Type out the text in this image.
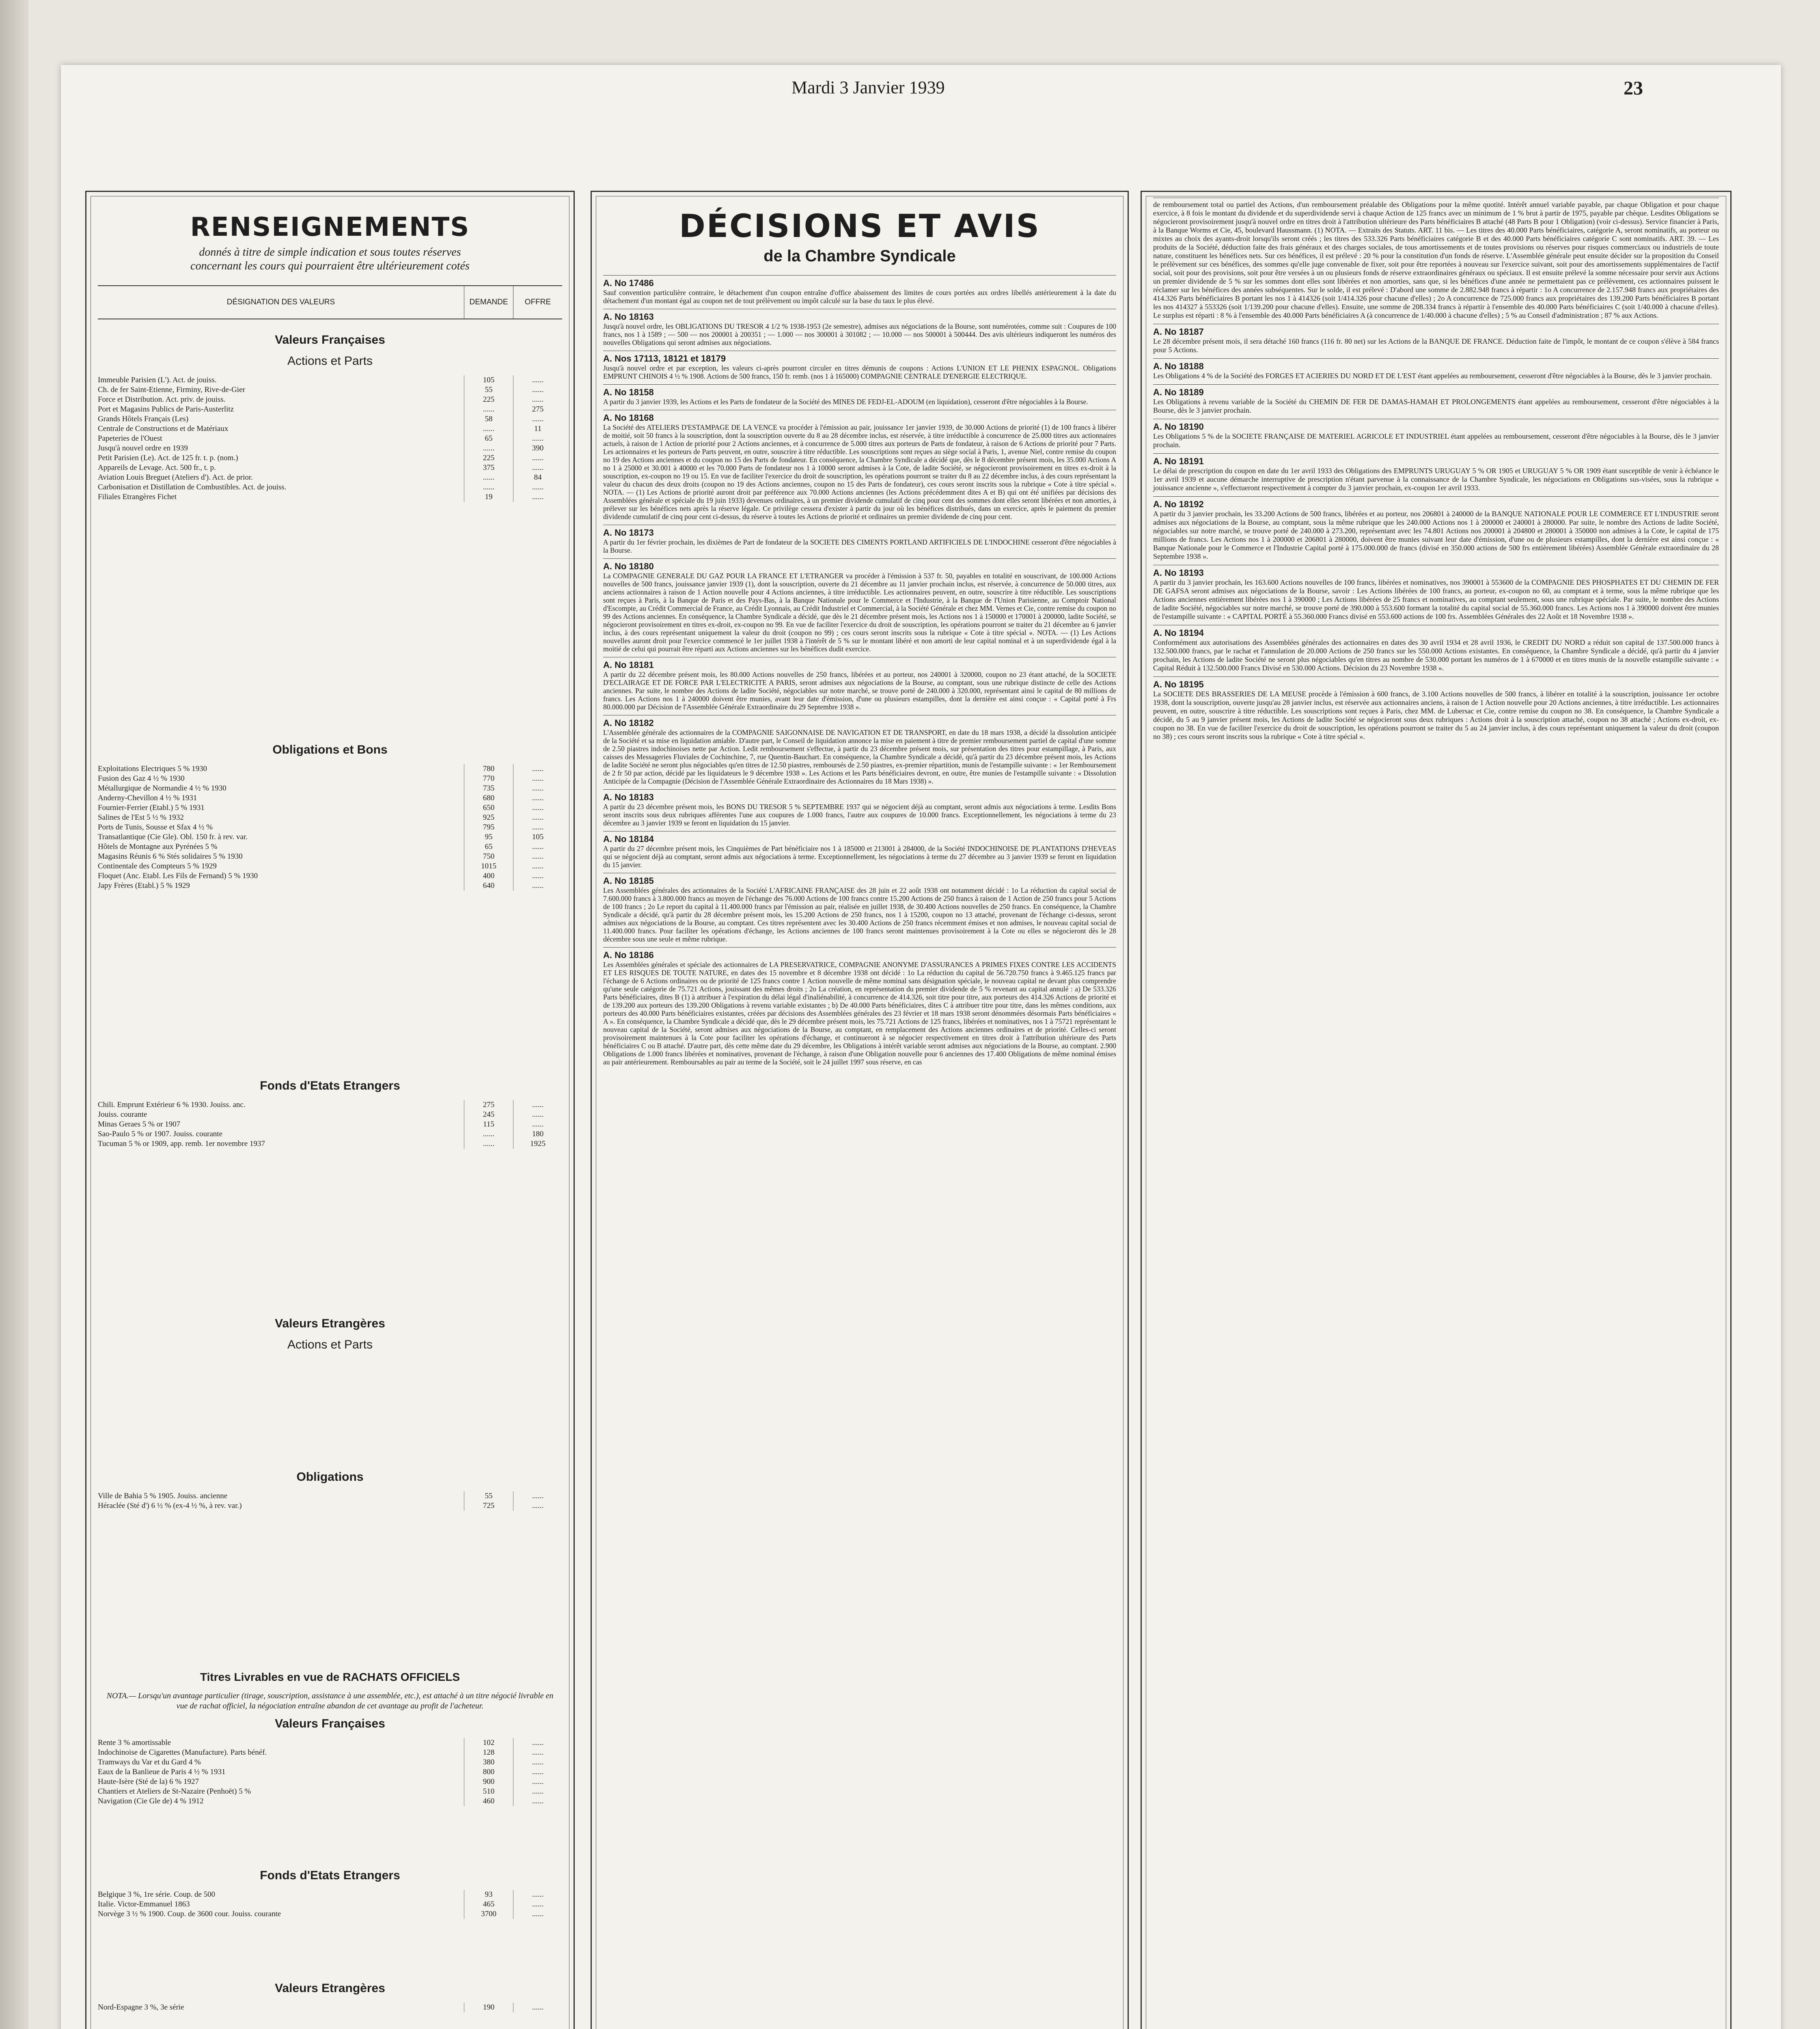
Mardi 3 Janvier 1939	23
RENSEIGNEMENTS
donnés à titre de simple indication et sous toutes réserves
concernant les cours qui pourraient être ultérieurement cotés
DÉSIGNATION DES VALEURS	DEMANDE	OFFRE
Valeurs Françaises
Actions et Parts
Immeuble Parisien (L'). Act. de jouiss.	105	......
Ch. de fer Saint-Etienne, Firminy, Rive-de-Gier	55	......
Force et Distribution. Act. priv. de jouiss.	225	......
Port et Magasins Publics de Paris-Austerlitz	......	275
Grands Hôtels Français (Les)	58	......
Centrale de Constructions et de Matériaux	......	11
Papeteries de l'Ouest	65	......
Jusqu'à nouvel ordre en 1939	......	390
Petit Parisien (Le). Act. de 125 fr. t. p. (nom.)	225	......
Appareils de Levage. Act. 500 fr., t. p.	375	......
Aviation Louis Breguet (Ateliers d'). Act. de prior.	......	84
Carbonisation et Distillation de Combustibles. Act. de jouiss.	......	......
Filiales Etrangères Fichet	19	......
Obligations et Bons
Exploitations Electriques 5 % 1930	780	......
Fusion des Gaz 4 ½ % 1930	770	......
Métallurgique de Normandie 4 ½ % 1930	735	......
Anderny-Chevillon 4 ½ % 1931	680	......
Fournier-Ferrier (Etabl.) 5 % 1931	650	......
Salines de l'Est 5 ½ % 1932	925	......
Ports de Tunis, Sousse et Sfax 4 ½ %	795	......
Transatlantique (Cie Gle). Obl. 150 fr. à rev. var.	95	105
Hôtels de Montagne aux Pyrénées 5 %	65	......
Magasins Réunis 6 % Stés solidaires 5 % 1930	750	......
Continentale des Compteurs 5 % 1929	1015	......
Floquet (Anc. Etabl. Les Fils de Fernand) 5 % 1930	400	......
Japy Frères (Etabl.) 5 % 1929	640	......
Fonds d'Etats Etrangers
Chili. Emprunt Extérieur 6 % 1930. Jouiss. anc.	275	......
Jouiss. courante	245	......
Minas Geraes 5 % or 1907	115	......
Sao-Paulo 5 % or 1907. Jouiss. courante	......	180
Tucuman 5 % or 1909, app. remb. 1er novembre 1937	......	1925
Valeurs Etrangères
Actions et Parts
Obligations
Ville de Bahia 5 % 1905. Jouiss. ancienne	55	......
Héraclée (Sté d') 6 ½ % (ex-4 ½ %, à rev. var.)	725	......
Titres Livrables en vue de RACHATS OFFICIELS
NOTA.— Lorsqu'un avantage particulier (tirage, souscription, assistance à une assemblée, etc.), est attaché à un titre négocié livrable en vue de rachat officiel, la négociation entraîne abandon de cet avantage au profit de l'acheteur.
Valeurs Françaises
Rente 3 % amortissable	102	......
Indochinoise de Cigarettes (Manufacture). Parts bénéf.	128	......
Tramways du Var et du Gard 4 %	380	......
Eaux de la Banlieue de Paris 4 ½ % 1931	800	......
Haute-Isère (Sté de la) 6 % 1927	900	......
Chantiers et Ateliers de St-Nazaire (Penhoët) 5 %	510	......
Navigation (Cie Gle de) 4 % 1912	460	......
Fonds d'Etats Etrangers
Belgique 3 %, 1re série. Coup. de 500	93	......
Italie. Victor-Emmanuel 1863	465	......
Norvège 3 ½ % 1900. Coup. de 3600 cour. Jouiss. courante	3700	......
Valeurs Etrangères
Nord-Espagne 3 %, 3e série	190	......
DÉCISIONS ET AVIS
de la Chambre Syndicale
A. No 17486
Sauf convention particulière contraire, le détachement d'un coupon entraîne d'office abaissement des limites de cours portées aux ordres libellés antérieurement à la date du détachement d'un montant égal au coupon net de tout prélèvement ou impôt calculé sur la base du taux le plus élevé.
A. No 18163
Jusqu'à nouvel ordre, les OBLIGATIONS DU TRESOR 4 1/2 % 1938-1953 (2e semestre), admises aux négociations de la Bourse, sont numérotées, comme suit : Coupures de 100 francs, nos 1 à 1589 ; — 500 — nos 200001 à 200351 ; — 1.000 — nos 300001 à 301082 ; — 10.000 — nos 500001 à 500444. Des avis ultérieurs indiqueront les numéros des nouvelles Obligations qui seront admises aux négociations.
A. Nos 17113, 18121 et 18179
Jusqu'à nouvel ordre et par exception, les valeurs ci-après pourront circuler en titres démunis de coupons : Actions L'UNION ET LE PHENIX ESPAGNOL. Obligations EMPRUNT CHINOIS 4 ½ % 1908. Actions de 500 francs, 150 fr. remb. (nos 1 à 165000) COMPAGNIE CENTRALE D'ENERGIE ELECTRIQUE.
A. No 18158
A partir du 3 janvier 1939, les Actions et les Parts de fondateur de la Société des MINES DE FEDJ-EL-ADOUM (en liquidation), cesseront d'être négociables à la Bourse.
A. No 18168
La Société des ATELIERS D'ESTAMPAGE DE LA VENCE va procéder à l'émission au pair, jouissance 1er janvier 1939, de 30.000 Actions de priorité (1) de 100 francs à libérer de moitié, soit 50 francs à la souscription, dont la souscription ouverte du 8 au 28 décembre inclus, est réservée, à titre irréductible à concurrence de 25.000 titres aux actionnaires actuels, à raison de 1 Action de priorité pour 2 Actions anciennes, et à concurrence de 5.000 titres aux porteurs de Parts de fondateur, à raison de 6 Actions de priorité pour 7 Parts. Les actionnaires et les porteurs de Parts peuvent, en outre, souscrire à titre réductible. Les souscriptions sont reçues au siège social à Paris, 1, avenue Niel, contre remise du coupon no 19 des Actions anciennes et du coupon no 15 des Parts de fondateur. En conséquence, la Chambre Syndicale a décidé que, dès le 8 décembre présent mois, les 35.000 Actions A no 1 à 25000 et 30.001 à 40000 et les 70.000 Parts de fondateur nos 1 à 10000 seront admises à la Cote, de ladite Société, se négocieront provisoirement en titres ex-droit à la souscription, ex-coupon no 19 ou 15. En vue de faciliter l'exercice du droit de souscription, les opérations pourront se traiter du 8 au 22 décembre inclus, à des cours représentant la valeur du chacun des deux droits (coupon no 19 des Actions anciennes, coupon no 15 des Parts de fondateur), ces cours seront inscrits sous la rubrique « Cote à titre spécial ». NOTA. — (1) Les Actions de priorité auront droit par préférence aux 70.000 Actions anciennes (les Actions précédemment dites A et B) qui ont été unifiées par décisions des Assemblées générale et spéciale du 19 juin 1933) devenues ordinaires, à un premier dividende cumulatif de cinq pour cent des sommes dont elles seront libérées et non amorties, à prélever sur les bénéfices nets après la réserve légale. Ce privilège cessera d'exister à partir du jour où les bénéfices distribués, dans un exercice, après le paiement du premier dividende cumulatif de cinq pour cent ci-dessus, du réserve à toutes les Actions de priorité et ordinaires un premier dividende de cinq pour cent.
A. No 18173
A partir du 1er février prochain, les dixièmes de Part de fondateur de la SOCIETE DES CIMENTS PORTLAND ARTIFICIELS DE L'INDOCHINE cesseront d'être négociables à la Bourse.
A. No 18180
La COMPAGNIE GENERALE DU GAZ POUR LA FRANCE ET L'ETRANGER va procéder à l'émission à 537 fr. 50, payables en totalité en souscrivant, de 100.000 Actions nouvelles de 500 francs, jouissance janvier 1939 (1), dont la souscription, ouverte du 21 décembre au 11 janvier prochain inclus, est réservée, à concurrence de 50.000 titres, aux anciens actionnaires à raison de 1 Action nouvelle pour 4 Actions anciennes, à titre irréductible. Les actionnaires peuvent, en outre, souscrire à titre réductible. Les souscriptions sont reçues à Paris, à la Banque de Paris et des Pays-Bas, à la Banque Nationale pour le Commerce et l'Industrie, à la Banque de l'Union Parisienne, au Comptoir National d'Escompte, au Crédit Commercial de France, au Crédit Lyonnais, au Crédit Industriel et Commercial, à la Société Générale et chez MM. Vernes et Cie, contre remise du coupon no 99 des Actions anciennes. En conséquence, la Chambre Syndicale a décidé, que dès le 21 décembre présent mois, les Actions nos 1 à 150000 et 170001 à 200000, ladite Société, se négocieront provisoirement en titres ex-droit, ex-coupon no 99. En vue de faciliter l'exercice du droit de souscription, les opérations pourront se traiter du 21 décembre au 6 janvier inclus, à des cours représentant uniquement la valeur du droit (coupon no 99) ; ces cours seront inscrits sous la rubrique « Cote à titre spécial ». NOTA. — (1) Les Actions nouvelles auront droit pour l'exercice commencé le 1er juillet 1938 à l'intérêt de 5 % sur le montant libéré et non amorti de leur capital nominal et à un superdividende égal à la moitié de celui qui pourrait être réparti aux Actions anciennes sur les bénéfices dudit exercice.
A. No 18181
A partir du 22 décembre présent mois, les 80.000 Actions nouvelles de 250 francs, libérées et au porteur, nos 240001 à 320000, coupon no 23 étant attaché, de la SOCIETE D'ECLAIRAGE ET DE FORCE PAR L'ELECTRICITE A PARIS, seront admises aux négociations de la Bourse, au comptant, sous une rubrique distincte de celle des Actions anciennes. Par suite, le nombre des Actions de ladite Société, négociables sur notre marché, se trouve porté de 240.000 à 320.000, représentant ainsi le capital de 80 millions de francs. Les Actions nos 1 à 240000 doivent être munies, avant leur date d'émission, d'une ou plusieurs estampilles, dont la dernière est ainsi conçue : « Capital porté à Frs 80.000.000 par Décision de l'Assemblée Générale Extraordinaire du 29 Septembre 1938 ».
A. No 18182
L'Assemblée générale des actionnaires de la COMPAGNIE SAIGONNAISE DE NAVIGATION ET DE TRANSPORT, en date du 18 mars 1938, a décidé la dissolution anticipée de la Société et sa mise en liquidation amiable. D'autre part, le Conseil de liquidation annonce la mise en paiement à titre de premier remboursement partiel de capital d'une somme de 2.50 piastres indochinoises nette par Action. Ledit remboursement s'effectue, à partir du 23 décembre présent mois, sur présentation des titres pour estampillage, à Paris, aux caisses des Messageries Fluviales de Cochinchine, 7, rue Quentin-Bauchart. En conséquence, la Chambre Syndicale a décidé, qu'à partir du 23 décembre présent mois, les Actions de ladite Société ne seront plus négociables qu'en titres de 12.50 piastres, remboursés de 2.50 piastres, ex-premier répartition, munis de l'estampille suivante : « 1er Remboursement de 2 fr 50 par action, décidé par les liquidateurs le 9 décembre 1938 ». Les Actions et les Parts bénéficiaires devront, en outre, être munies de l'estampille suivante : « Dissolution Anticipée de la Compagnie (Décision de l'Assemblée Générale Extraordinaire des Actionnaires du 18 Mars 1938) ».
A. No 18183
A partir du 23 décembre présent mois, les BONS DU TRESOR 5 % SEPTEMBRE 1937 qui se négocient déjà au comptant, seront admis aux négociations à terme. Lesdits Bons seront inscrits sous deux rubriques afférentes l'une aux coupures de 1.000 francs, l'autre aux coupures de 10.000 francs. Exceptionnellement, les négociations à terme du 23 décembre au 3 janvier 1939 se feront en liquidation du 15 janvier.
A. No 18184
A partir du 27 décembre présent mois, les Cinquièmes de Part bénéficiaire nos 1 à 185000 et 213001 à 284000, de la Société INDOCHINOISE DE PLANTATIONS D'HEVEAS qui se négocient déjà au comptant, seront admis aux négociations à terme. Exceptionnellement, les négociations à terme du 27 décembre au 3 janvier 1939 se feront en liquidation du 15 janvier.
A. No 18185
Les Assemblées générales des actionnaires de la Société L'AFRICAINE FRANÇAISE des 28 juin et 22 août 1938 ont notamment décidé : 1o La réduction du capital social de 7.600.000 francs à 3.800.000 francs au moyen de l'échange des 76.000 Actions de 100 francs contre 15.200 Actions de 250 francs à raison de 1 Action de 250 francs pour 5 Actions de 100 francs ; 2o Le report du capital à 11.400.000 francs par l'émission au pair, réalisée en juillet 1938, de 30.400 Actions nouvelles de 250 francs. En conséquence, la Chambre Syndicale a décidé, qu'à partir du 28 décembre présent mois, les 15.200 Actions de 250 francs, nos 1 à 15200, coupon no 13 attaché, provenant de l'échange ci-dessus, seront admises aux négociations de la Bourse, au comptant. Ces titres représentent avec les 30.400 Actions de 250 francs récemment émises et non admises, le nouveau capital social de 11.400.000 francs. Pour faciliter les opérations d'échange, les Actions anciennes de 100 francs seront maintenues provisoirement à la Cote ou elles se négocieront dès le 28 décembre sous une seule et même rubrique.
A. No 18186
Les Assemblées générales et spéciale des actionnaires de LA PRESERVATRICE, COMPAGNIE ANONYME D'ASSURANCES A PRIMES FIXES CONTRE LES ACCIDENTS ET LES RISQUES DE TOUTE NATURE, en dates des 15 novembre et 8 décembre 1938 ont décidé : 1o La réduction du capital de 56.720.750 francs à 9.465.125 francs par l'échange de 6 Actions ordinaires ou de priorité de 125 francs contre 1 Action nouvelle de même nominal sans désignation spéciale, le nouveau capital ne devant plus comprendre qu'une seule catégorie de 75.721 Actions, jouissant des mêmes droits ; 2o La création, en représentation du premier dividende de 5 % revenant au capital annulé : a) De 533.326 Parts bénéficiaires, dites B (1) à attribuer à l'expiration du délai légal d'inaliénabilité, à concurrence de 414.326, soit titre pour titre, aux porteurs des 414.326 Actions de priorité et de 139.200 aux porteurs des 139.200 Obligations à revenu variable existantes ; b) De 40.000 Parts bénéficiaires, dites C à attribuer titre pour titre, dans les mêmes conditions, aux porteurs des 40.000 Parts bénéficiaires existantes, créées par décisions des Assemblées générales des 23 février et 18 mars 1938 seront dénommées désormais Parts bénéficiaires « A ». En conséquence, la Chambre Syndicale a décidé que, dès le 29 décembre présent mois, les 75.721 Actions de 125 francs, libérées et nominatives, nos 1 à 75721 représentant le nouveau capital de la Société, seront admises aux négociations de la Bourse, au comptant, en remplacement des Actions anciennes ordinaires et de priorité. Celles-ci seront provisoirement maintenues à la Cote pour faciliter les opérations d'échange, et continueront à se négocier respectivement en titres droit à l'attribution ultérieure des Parts bénéficiaires C ou B attaché. D'autre part, dès cette même date du 29 décembre, les Obligations à intérêt variable seront admises aux négociations de la Bourse, au comptant. 2.900 Obligations de 1.000 francs libérées et nominatives, provenant de l'échange, à raison d'une Obligation nouvelle pour 6 anciennes des 17.400 Obligations de même nominal émises au pair antérieurement. Remboursables au pair au terme de la Société, soit le 24 juillet 1997 sous réserve, en cas
de remboursement total ou partiel des Actions, d'un remboursement préalable des Obligations pour la même quotité. Intérêt annuel variable payable, par chaque Obligation et pour chaque exercice, à 8 fois le montant du dividende et du superdividende servi à chaque Action de 125 francs avec un minimum de 1 % brut à partir de 1975, payable par chèque. Lesdites Obligations se négocieront provisoirement jusqu'à nouvel ordre en titres droit à l'attribution ultérieure des Parts bénéficiaires B attaché (48 Parts B pour 1 Obligation) (voir ci-dessus). Service financier à Paris, à la Banque Worms et Cie, 45, boulevard Haussmann. (1) NOTA. — Extraits des Statuts. ART. 11 bis. — Les titres des 40.000 Parts bénéficiaires, catégorie A, seront nominatifs, au porteur ou mixtes au choix des ayants-droit lorsqu'ils seront créés ; les titres des 533.326 Parts bénéficiaires catégorie B et des 40.000 Parts bénéficiaires catégorie C sont nominatifs. ART. 39. — Les produits de la Société, déduction faite des frais généraux et des charges sociales, de tous amortissements et de toutes provisions ou réserves pour risques commerciaux ou industriels de toute nature, constituent les bénéfices nets. Sur ces bénéfices, il est prélevé : 20 % pour la constitution d'un fonds de réserve. L'Assemblée générale peut ensuite décider sur la proposition du Conseil le prélèvement sur ces bénéfices, des sommes qu'elle juge convenable de fixer, soit pour être reportées à nouveau sur l'exercice suivant, soit pour des amortissements supplémentaires de l'actif social, soit pour des provisions, soit pour être versées à un ou plusieurs fonds de réserve extraordinaires généraux ou spéciaux. Il est ensuite prélevé la somme nécessaire pour servir aux Actions un premier dividende de 5 % sur les sommes dont elles sont libérées et non amorties, sans que, si les bénéfices d'une année ne permettaient pas ce prélèvement, ces actionnaires puissent le réclamer sur les bénéfices des années subséquentes. Sur le solde, il est prélevé : D'abord une somme de 2.882.948 francs à répartir : 1o A concurrence de 2.157.948 francs aux propriétaires des 414.326 Parts bénéficiaires B portant les nos 1 à 414326 (soit 1/414.326 pour chacune d'elles) ; 2o A concurrence de 725.000 francs aux propriétaires des 139.200 Parts bénéficiaires B portant les nos 414327 à 553326 (soit 1/139.200 pour chacune d'elles). Ensuite, une somme de 208.334 francs à répartir à l'ensemble des 40.000 Parts bénéficiaires C (soit 1/40.000 à chacune d'elles). Le surplus est réparti : 8 % à l'ensemble des 40.000 Parts bénéficiaires A (à concurrence de 1/40.000 à chacune d'elles) ; 5 % au Conseil d'administration ; 87 % aux Actions.
A. No 18187
Le 28 décembre présent mois, il sera détaché 160 francs (116 fr. 80 net) sur les Actions de la BANQUE DE FRANCE. Déduction faite de l'impôt, le montant de ce coupon s'élève à 584 francs pour 5 Actions.
A. No 18188
Les Obligations 4 % de la Société des FORGES ET ACIERIES DU NORD ET DE L'EST étant appelées au remboursement, cesseront d'être négociables à la Bourse, dès le 3 janvier prochain.
A. No 18189
Les Obligations à revenu variable de la Société du CHEMIN DE FER DE DAMAS-HAMAH ET PROLONGEMENTS étant appelées au remboursement, cesseront d'être négociables à la Bourse, dès le 3 janvier prochain.
A. No 18190
Les Obligations 5 % de la SOCIETE FRANÇAISE DE MATERIEL AGRICOLE ET INDUSTRIEL étant appelées au remboursement, cesseront d'être négociables à la Bourse, dès le 3 janvier prochain.
A. No 18191
Le délai de prescription du coupon en date du 1er avril 1933 des Obligations des EMPRUNTS URUGUAY 5 % OR 1905 et URUGUAY 5 % OR 1909 étant susceptible de venir à échéance le 1er avril 1939 et aucune démarche interruptive de prescription n'étant parvenue à la connaissance de la Chambre Syndicale, les négociations en Obligations sus-visées, sous la rubrique « jouissance ancienne », s'effectueront respectivement à compter du 3 janvier prochain, ex-coupon 1er avril 1933.
A. No 18192
A partir du 3 janvier prochain, les 33.200 Actions de 500 francs, libérées et au porteur, nos 206801 à 240000 de la BANQUE NATIONALE POUR LE COMMERCE ET L'INDUSTRIE seront admises aux négociations de la Bourse, au comptant, sous la même rubrique que les 240.000 Actions nos 1 à 200000 et 240001 à 280000. Par suite, le nombre des Actions de ladite Société, négociables sur notre marché, se trouve porté de 240.000 à 273.200, représentant avec les 74.801 Actions nos 200001 à 204800 et 280001 à 350000 non admises à la Cote, le capital de 175 millions de francs. Les Actions nos 1 à 200000 et 206801 à 280000, doivent être munies suivant leur date d'émission, d'une ou de plusieurs estampilles, dont la dernière est ainsi conçue : « Banque Nationale pour le Commerce et l'Industrie Capital porté à 175.000.000 de francs (divisé en 350.000 actions de 500 frs entièrement libérées) Assemblée Générale extraordinaire du 28 Septembre 1938 ».
A. No 18193
A partir du 3 janvier prochain, les 163.600 Actions nouvelles de 100 francs, libérées et nominatives, nos 390001 à 553600 de la COMPAGNIE DES PHOSPHATES ET DU CHEMIN DE FER DE GAFSA seront admises aux négociations de la Bourse, savoir : Les Actions libérées de 100 francs, au porteur, ex-coupon no 60, au comptant et à terme, sous la même rubrique que les Actions anciennes entièrement libérées nos 1 à 390000 ; Les Actions libérées de 25 francs et nominatives, au comptant seulement, sous une rubrique spéciale. Par suite, le nombre des Actions de ladite Société, négociables sur notre marché, se trouve porté de 390.000 à 553.600 formant la totalité du capital social de 55.360.000 francs. Les Actions nos 1 à 390000 doivent être munies de l'estampille suivante : « CAPITAL PORTÉ à 55.360.000 Francs divisé en 553.600 actions de 100 frs. Assemblées Générales des 22 Août et 18 Novembre 1938 ».
A. No 18194
Conformément aux autorisations des Assemblées générales des actionnaires en dates des 30 avril 1934 et 28 avril 1936, le CREDIT DU NORD a réduit son capital de 137.500.000 francs à 132.500.000 francs, par le rachat et l'annulation de 20.000 Actions de 250 francs sur les 550.000 Actions existantes. En conséquence, la Chambre Syndicale a décidé, qu'à partir du 4 janvier prochain, les Actions de ladite Société ne seront plus négociables qu'en titres au nombre de 530.000 portant les numéros de 1 à 670000 et en titres munis de la nouvelle estampille suivante : « Capital Réduit à 132.500.000 Francs Divisé en 530.000 Actions. Décision du 23 Novembre 1938 ».
A. No 18195
La SOCIETE DES BRASSERIES DE LA MEUSE procède à l'émission à 600 francs, de 3.100 Actions nouvelles de 500 francs, à libérer en totalité à la souscription, jouissance 1er octobre 1938, dont la souscription, ouverte jusqu'au 28 janvier inclus, est réservée aux actionnaires anciens, à raison de 1 Action nouvelle pour 20 Actions anciennes, à titre irréductible. Les actionnaires peuvent, en outre, souscrire à titre réductible. Les souscriptions sont reçues à Paris, chez MM. de Lubersac et Cie, contre remise du coupon no 38. En conséquence, la Chambre Syndicale a décidé, du 5 au 9 janvier présent mois, les Actions de ladite Société se négocieront sous deux rubriques : Actions droit à la souscription attaché, coupon no 38 attaché ; Actions ex-droit, ex-coupon no 38. En vue de faciliter l'exercice du droit de souscription, les opérations pourront se traiter du 5 au 24 janvier inclus, à des cours représentant uniquement la valeur du droit (coupon no 38) ; ces cours seront inscrits sous la rubrique « Cote à titre spécial ».
